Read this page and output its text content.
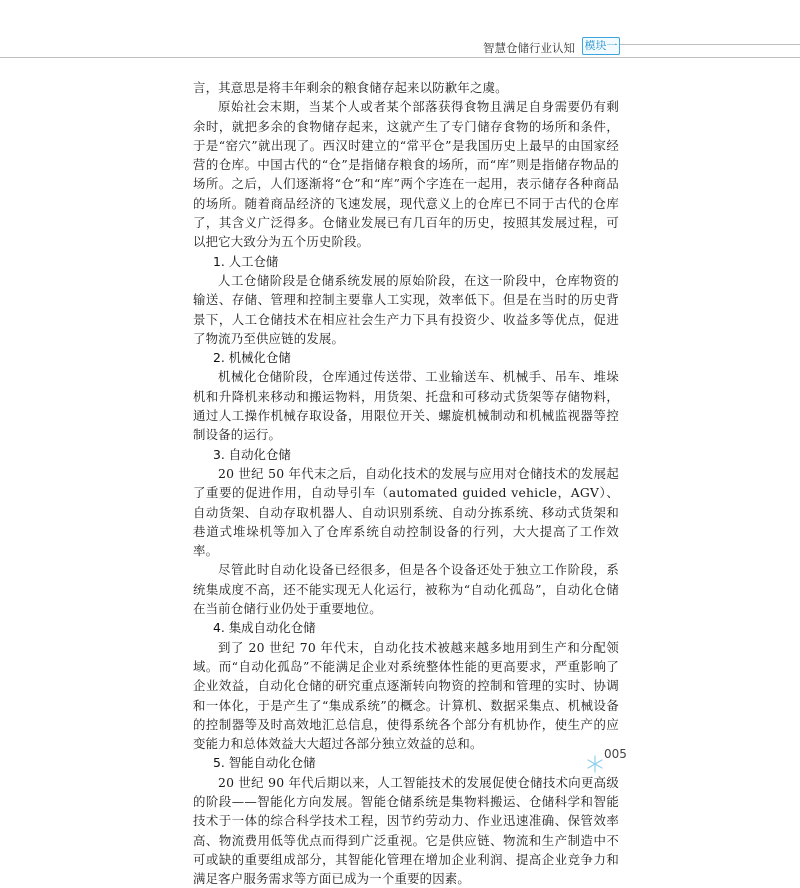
智慧仓储行业认知 模块一

言，其意思是将丰年剩余的粮食储存起来以防歉年之虞。

原始社会末期，当某个人或者某个部落获得食物且满足自身需要仍有剩余时，就把多余的食物储存起来，这就产生了专门储存食物的场所和条件，于是“窑穴”就出现了。西汉时建立的“常平仓”是我国历史上最早的由国家经营的仓库。中国古代的“仓”是指储存粮食的场所，而“库”则是指储存物品的场所。之后，人们逐渐将“仓”和“库”两个字连在一起用，表示储存各种商品的场所。随着商品经济的飞速发展，现代意义上的仓库已不同于古代的仓库了，其含义广泛得多。仓储业发展已有几百年的历史，按照其发展过程，可以把它大致分为五个历史阶段。

1. 人工仓储

人工仓储阶段是仓储系统发展的原始阶段，在这一阶段中，仓库物资的输送、存储、管理和控制主要靠人工实现，效率低下。但是在当时的历史背景下，人工仓储技术在相应社会生产力下具有投资少、收益多等优点，促进了物流乃至供应链的发展。

2. 机械化仓储

机械化仓储阶段，仓库通过传送带、工业输送车、机械手、吊车、堆垛机和升降机来移动和搬运物料，用货架、托盘和可移动式货架等存储物料，通过人工操作机械存取设备，用限位开关、螺旋机械制动和机械监视器等控制设备的运行。

3. 自动化仓储

20 世纪 50 年代末之后，自动化技术的发展与应用对仓储技术的发展起了重要的促进作用，自动导引车（automated guided vehicle，AGV）、自动货架、自动存取机器人、自动识别系统、自动分拣系统、移动式货架和巷道式堆垛机等加入了仓库系统自动控制设备的行列，大大提高了工作效率。

尽管此时自动化设备已经很多，但是各个设备还处于独立工作阶段，系统集成度不高，还不能实现无人化运行，被称为“自动化孤岛”，自动化仓储在当前仓储行业仍处于重要地位。

4. 集成自动化仓储

到了 20 世纪 70 年代末，自动化技术被越来越多地用到生产和分配领域。而“自动化孤岛”不能满足企业对系统整体性能的更高要求，严重影响了企业效益，自动化仓储的研究重点逐渐转向物资的控制和管理的实时、协调和一体化，于是产生了“集成系统”的概念。计算机、数据采集点、机械设备的控制器等及时高效地汇总信息，使得系统各个部分有机协作，使生产的应变能力和总体效益大大超过各部分独立效益的总和。

5. 智能自动化仓储

20 世纪 90 年代后期以来，人工智能技术的发展促使仓储技术向更高级的阶段——智能化方向发展。智能仓储系统是集物料搬运、仓储科学和智能技术于一体的综合科学技术工程，因节约劳动力、作业迅速准确、保管效率高、物流费用低等优点而得到广泛重视。它是供应链、物流和生产制造中不可或缺的重要组成部分，其智能化管理在增加企业利润、提高企业竞争力和满足客户服务需求等方面已成为一个重要的因素。

005
